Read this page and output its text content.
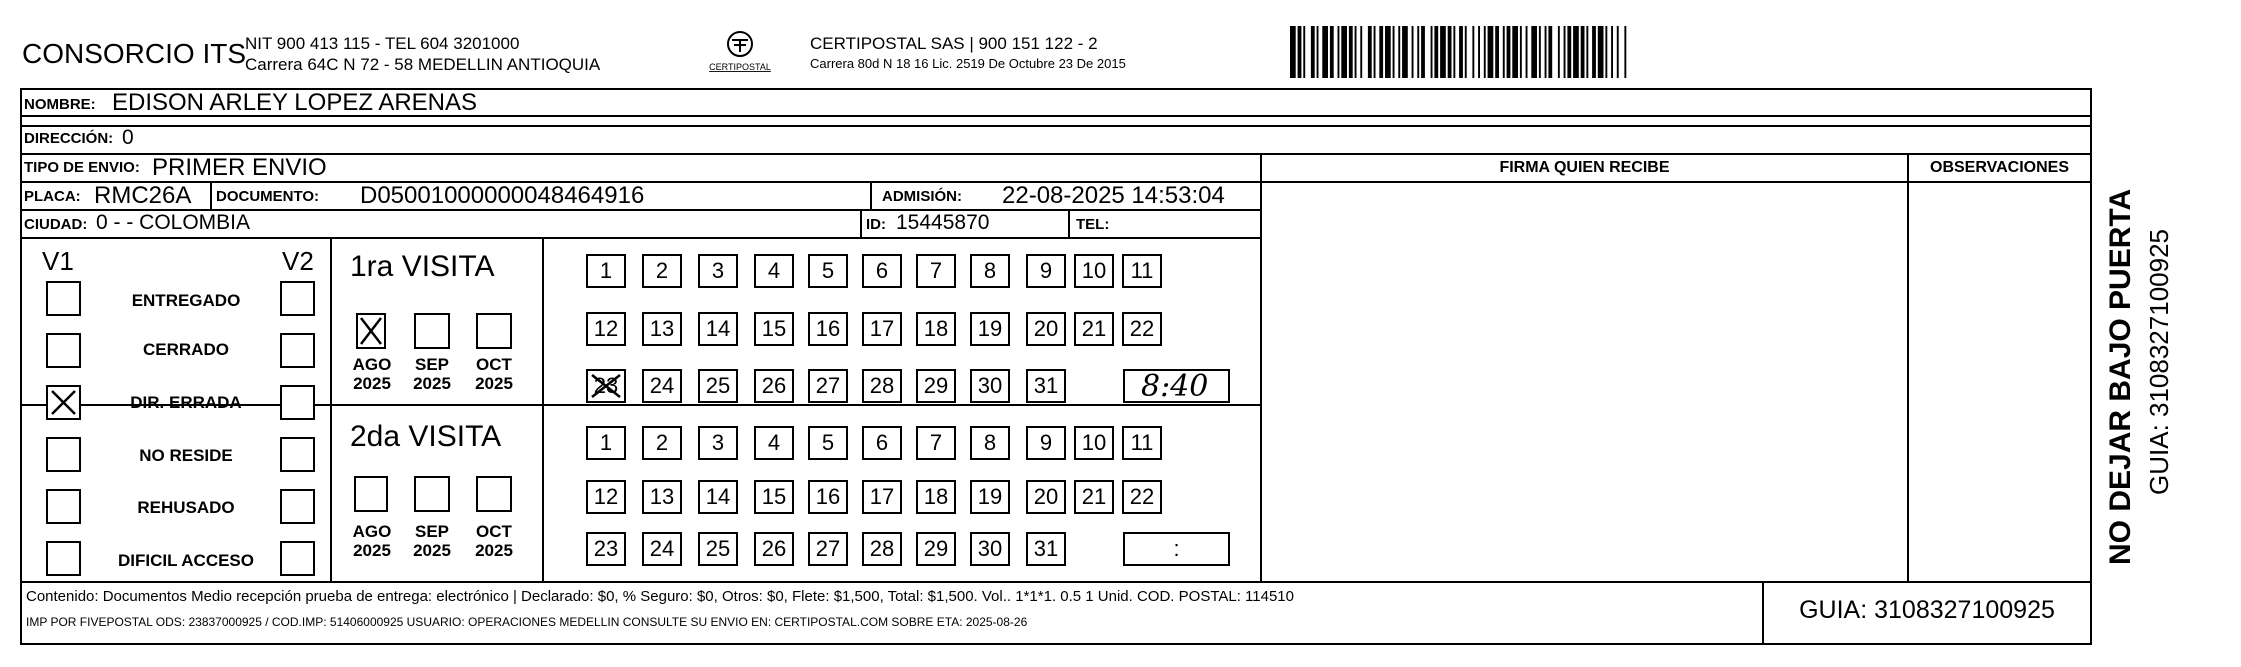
CONSORCIO ITS
NIT 900 413 115 - TEL 604 3201000
Carrera 64C N 72 - 58 MEDELLIN ANTIOQUIA	CERTIPOSTAL
CERTIPOSTAL SAS | 900 151 122 - 2
Carrera 80d N 18 16 Lic. 2519 De Octubre 23 De 2015
NOMBRE: EDISON ARLEY LOPEZ ARENAS
DIRECCIÓN: 0
TIPO DE ENVIO: PRIMER ENVIO
PLACA: RMC26A DOCUMENTO: D05001000000048464916	ADMISIÓN: 22-08-2025 14:53:04
CIUDAD: 0 - - COLOMBIA	ID: 15445870	TEL:
FIRMA QUIEN RECIBE	OBSERVACIONES
V1	V2
ENTREGADO
CERRADO
DIR. ERRADA
NO RESIDE
REHUSADO
DIFICIL ACCESO
1ra VISITA
AGO
2025
SEP
2025
OCT
2025
1	2	3	4	5	6	7	8	9	10	11
12	13	14	15	16	17	18	19	20	21	22
23	24	25	26	27	28	29	30	31	8:40
2da VISITA
AGO
2025
SEP
2025
OCT
2025
1	2	3	4	5	6	7	8	9	10	11
12	13	14	15	16	17	18	19	20	21	22
23	24	25	26	27	28	29	30	31	:
Contenido: Documentos Medio recepción prueba de entrega: electrónico | Declarado: $0, % Seguro: $0, Otros: $0, Flete: $1,500, Total: $1,500. Vol.. 1*1*1. 0.5 1 Unid. COD. POSTAL: 114510
IMP POR FIVEPOSTAL ODS: 23837000925 / COD.IMP: 51406000925 USUARIO: OPERACIONES MEDELLIN CONSULTE SU ENVIO EN: CERTIPOSTAL.COM SOBRE ETA: 2025-08-26	GUIA: 3108327100925
NO DEJAR BAJO PUERTA GUIA: 3108327100925
